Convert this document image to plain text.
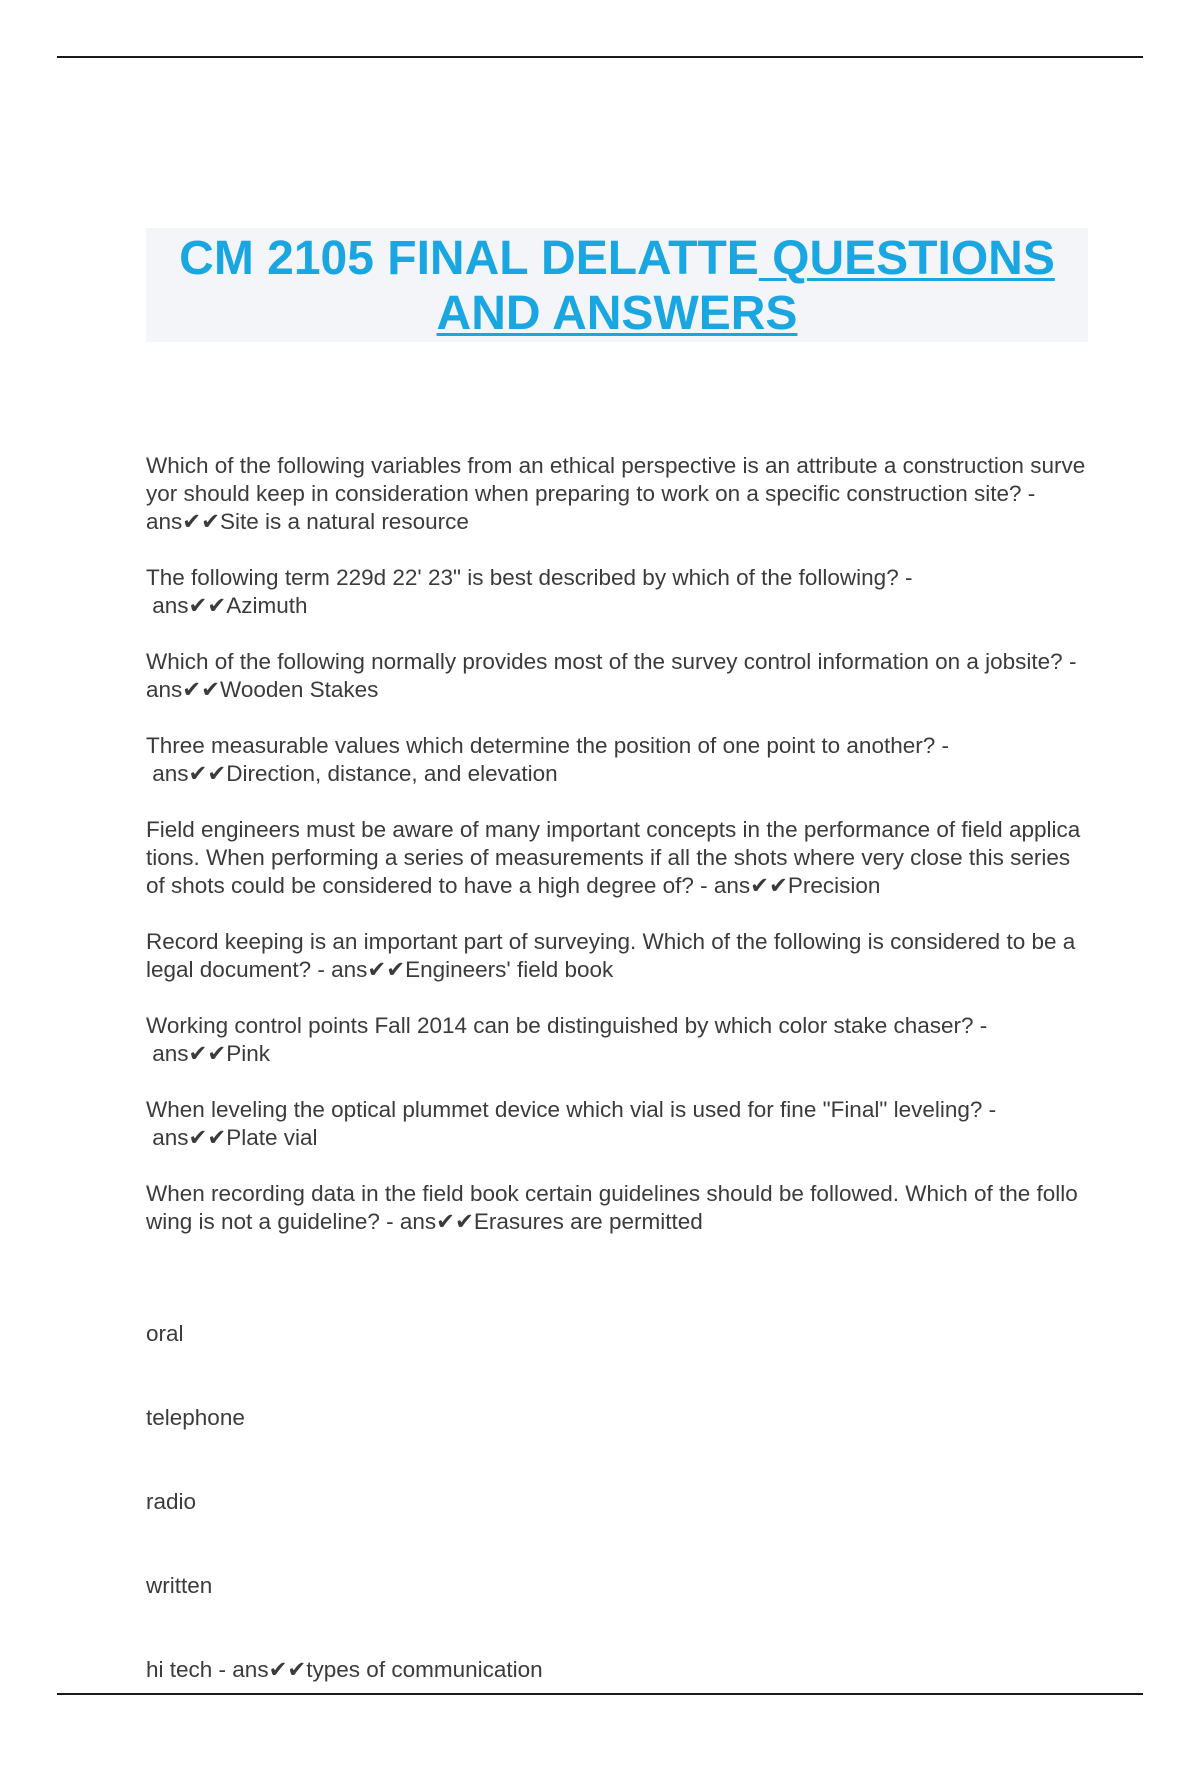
CM 2105 FINAL DELATTE QUESTIONS AND ANSWERS
Which of the following variables from an ethical perspective is an attribute a construction surveyor should keep in consideration when preparing to work on a specific construction site? - ans✔✔Site is a natural resource
The following term 229d 22' 23" is best described by which of the following? -
ans✔✔Azimuth
Which of the following normally provides most of the survey control information on a jobsite? - ans✔✔Wooden Stakes
Three measurable values which determine the position of one point to another? -
ans✔✔Direction, distance, and elevation
Field engineers must be aware of many important concepts in the performance of field applications. When performing a series of measurements if all the shots where very close this series of shots could be considered to have a high degree of? - ans✔✔Precision
Record keeping is an important part of surveying. Which of the following is considered to be a legal document? - ans✔✔Engineers' field book
Working control points Fall 2014 can be distinguished by which color stake chaser? -
ans✔✔Pink
When leveling the optical plummet device which vial is used for fine "Final" leveling? -
ans✔✔Plate vial
When recording data in the field book certain guidelines should be followed. Which of the following is not a guideline? - ans✔✔Erasures are permitted

oral

telephone

radio

written

hi tech - ans✔✔types of communication
